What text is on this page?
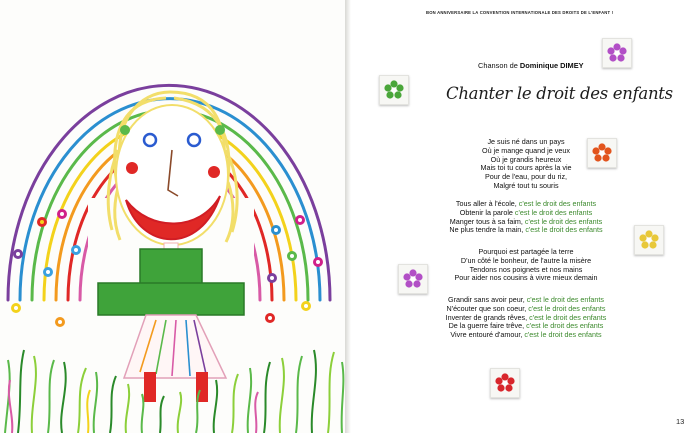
BON ANNIVERSAIRE LA CONVENTION INTERNATIONALE DES DROITS DE L'ENFANT !
Chanson de Dominique DIMEY
Chanter le droit des enfants
Je suis né dans un pays
Où je mange quand je veux
Où je grandis heureux
Mais toi tu cours après la vie
Pour de l'eau, pour du riz,
Malgré tout tu souris
Tous aller à l'école, c'est le droit des enfants
Obtenir la parole c'est le droit des enfants
Manger tous à sa faim, c'est le droit des enfants
Ne plus tendre la main, c'est le droit des enfants
Pourquoi est partagée la terre
D'un côté le bonheur, de l'autre la misère
Tendons nos poignets et nos mains
Pour aider nos cousins à vivre mieux demain
Grandir sans avoir peur, c'est le droit des enfants
N'écouter que son coeur, c'est le droit des enfants
Inventer de grands rêves, c'est le droit des enfants
De la guerre faire trêve, c'est le droit des enfants
Vivre entouré d'amour, c'est le droit des enfants
13
